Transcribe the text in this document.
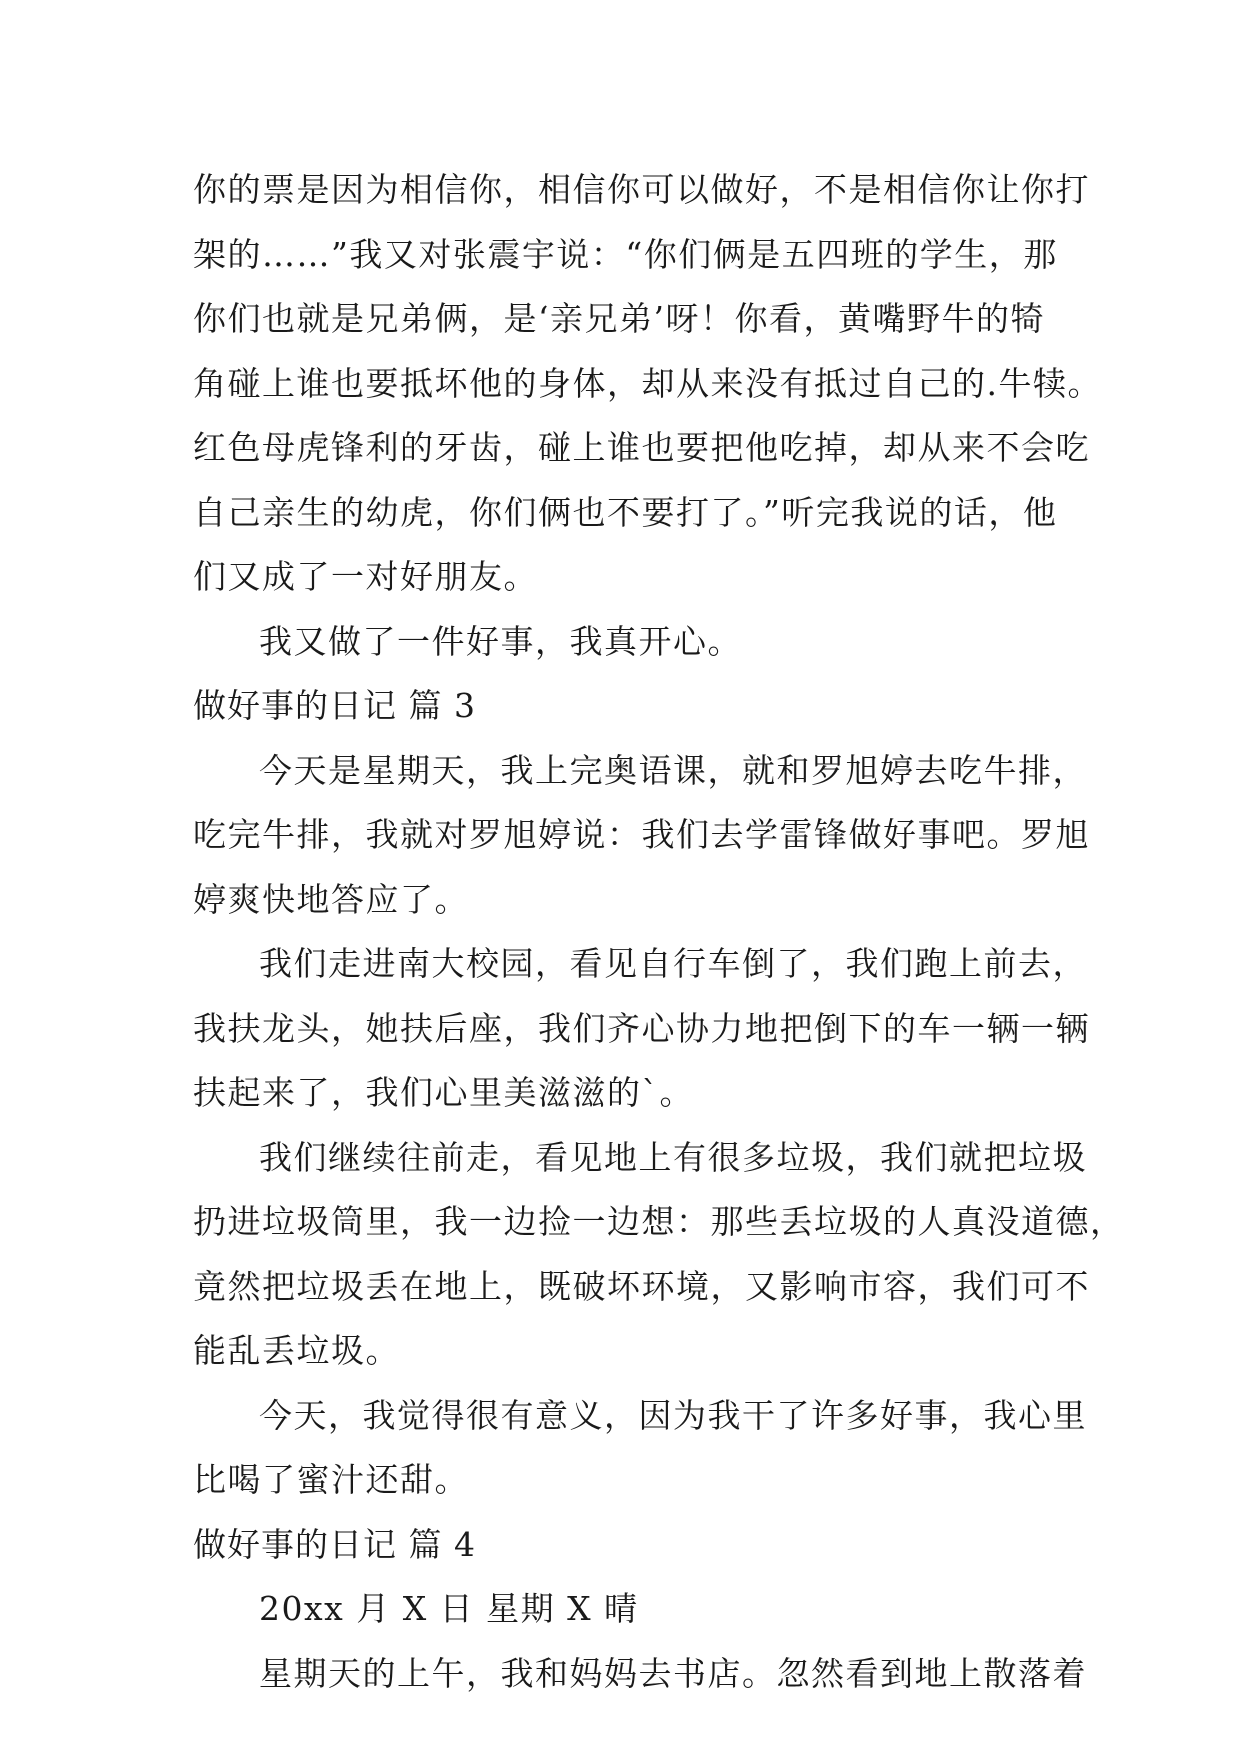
你的票是因为相信你，相信你可以做好，不是相信你让你打
架的……”我又对张震宇说：“你们俩是五四班的学生，那
你们也就是兄弟俩，是‘亲兄弟’呀！你看，黄嘴野牛的犄
角碰上谁也要抵坏他的身体，却从来没有抵过自己的.牛犊。
红色母虎锋利的牙齿，碰上谁也要把他吃掉，却从来不会吃
自己亲生的幼虎，你们俩也不要打了。”听完我说的话，他
们又成了一对好朋友。
我又做了一件好事，我真开心。
做好事的日记 篇 3
今天是星期天，我上完奥语课，就和罗旭婷去吃牛排，
吃完牛排，我就对罗旭婷说：我们去学雷锋做好事吧。罗旭
婷爽快地答应了。
我们走进南大校园，看见自行车倒了，我们跑上前去，
我扶龙头，她扶后座，我们齐心协力地把倒下的车一辆一辆
扶起来了，我们心里美滋滋的`。
我们继续往前走，看见地上有很多垃圾，我们就把垃圾
扔进垃圾筒里，我一边捡一边想：那些丢垃圾的人真没道德，
竟然把垃圾丢在地上，既破坏环境，又影响市容，我们可不
能乱丢垃圾。
今天，我觉得很有意义，因为我干了许多好事，我心里
比喝了蜜汁还甜。
做好事的日记 篇 4
20xx 月 X 日 星期 X 晴
星期天的上午，我和妈妈去书店。忽然看到地上散落着
